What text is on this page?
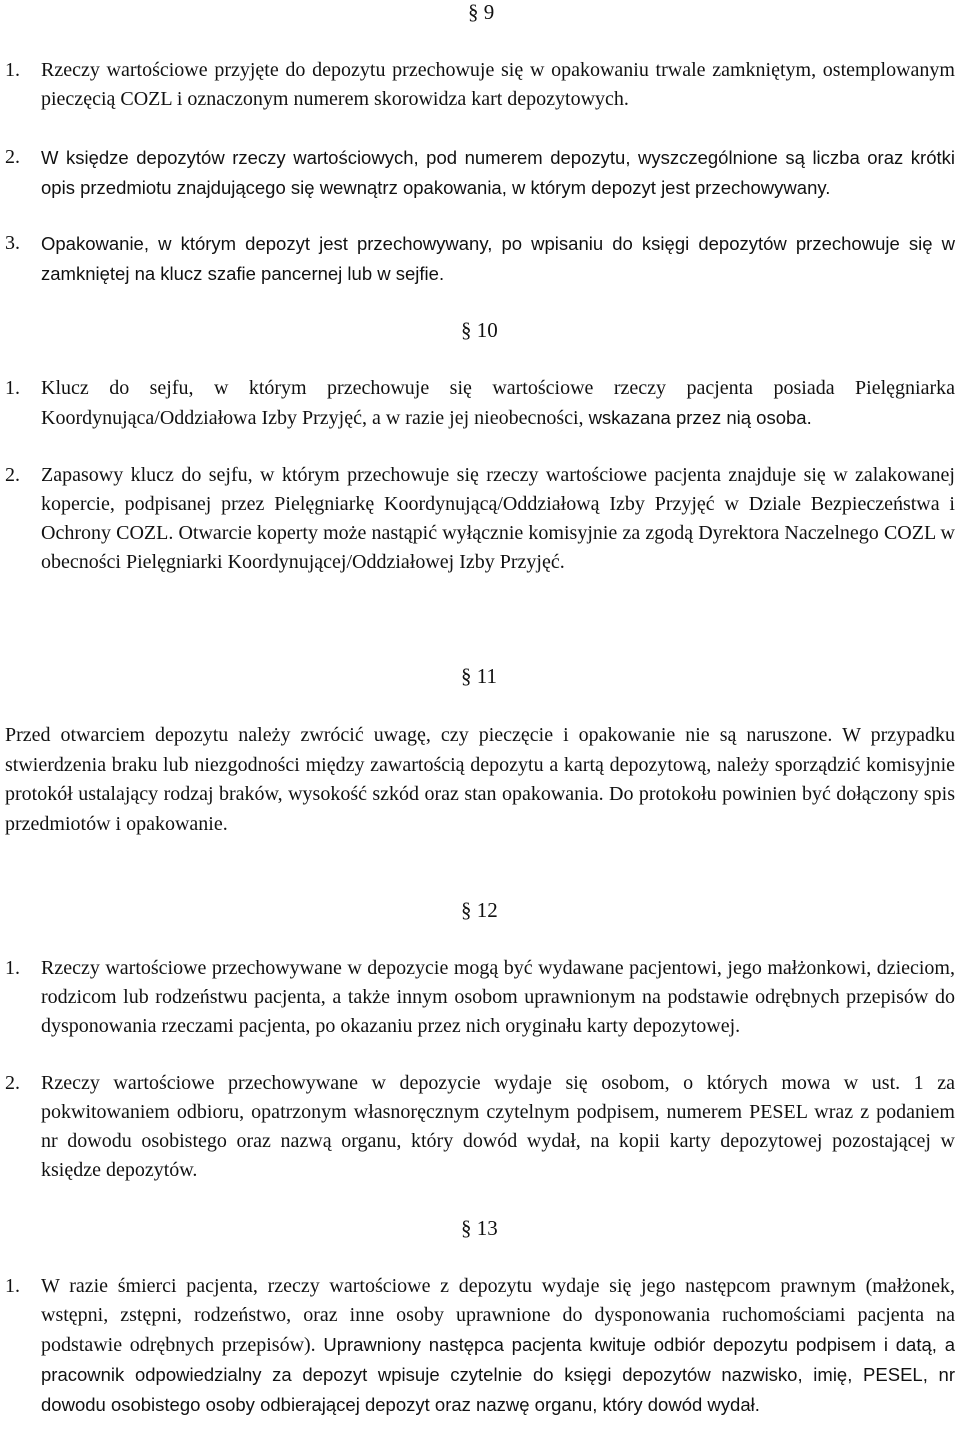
§ 9
1. Rzeczy wartościowe przyjęte do depozytu przechowuje się w opakowaniu trwale zamkniętym, ostemplowanym pieczęcią COZL i oznaczonym numerem skorowidza kart depozytowych.
2. W księdze depozytów rzeczy wartościowych, pod numerem depozytu, wyszczególnione są liczba oraz krótki opis przedmiotu znajdującego się wewnątrz opakowania, w którym depozyt jest przechowywany.
3. Opakowanie, w którym depozyt jest przechowywany, po wpisaniu do księgi depozytów przechowuje się w zamkniętej na klucz szafie pancernej lub w sejfie.
§ 10
1. Klucz do sejfu, w którym przechowuje się wartościowe rzeczy pacjenta posiada Pielęgniarka Koordynująca/Oddziałowa Izby Przyjęć, a w razie jej nieobecności, wskazana przez nią osoba.
2. Zapasowy klucz do sejfu, w którym przechowuje się rzeczy wartościowe pacjenta znajduje się w zalakowanej kopercie, podpisanej przez Pielęgniarkę Koordynującą/Oddziałową Izby Przyjęć w Dziale Bezpieczeństwa i Ochrony COZL. Otwarcie koperty może nastąpić wyłącznie komisyjnie za zgodą Dyrektora Naczelnego COZL w obecności Pielęgniarki Koordynującej/Oddziałowej Izby Przyjęć.
§ 11
Przed otwarciem depozytu należy zwrócić uwagę, czy pieczęcie i opakowanie nie są naruszone. W przypadku stwierdzenia braku lub niezgodności między zawartością depozytu a kartą depozytową, należy sporządzić komisyjnie protokół ustalający rodzaj braków, wysokość szkód oraz stan opakowania. Do protokołu powinien być dołączony spis przedmiotów i opakowanie.
§ 12
1. Rzeczy wartościowe przechowywane w depozycie mogą być wydawane pacjentowi, jego małżonkowi, dzieciom, rodzicom lub rodzeństwu pacjenta, a także innym osobom uprawnionym na podstawie odrębnych przepisów do dysponowania rzeczami pacjenta, po okazaniu przez nich oryginału karty depozytowej.
2. Rzeczy wartościowe przechowywane w depozycie wydaje się osobom, o których mowa w ust. 1 za pokwitowaniem odbioru, opatrzonym własnoręcznym czytelnym podpisem, numerem PESEL wraz z podaniem nr dowodu osobistego oraz nazwą organu, który dowód wydał, na kopii karty depozytowej pozostającej w księdze depozytów.
§ 13
1. W razie śmierci pacjenta, rzeczy wartościowe z depozytu wydaje się jego następcom prawnym (małżonek, wstępni, zstępni, rodzeństwo, oraz inne osoby uprawnione do dysponowania ruchomościami pacjenta na podstawie odrębnych przepisów). Uprawniony następca pacjenta kwituje odbiór depozytu podpisem i datą, a pracownik odpowiedzialny za depozyt wpisuje czytelnie do księgi depozytów nazwisko, imię, PESEL, nr dowodu osobistego osoby odbierającej depozyt oraz nazwę organu, który dowód wydał.
